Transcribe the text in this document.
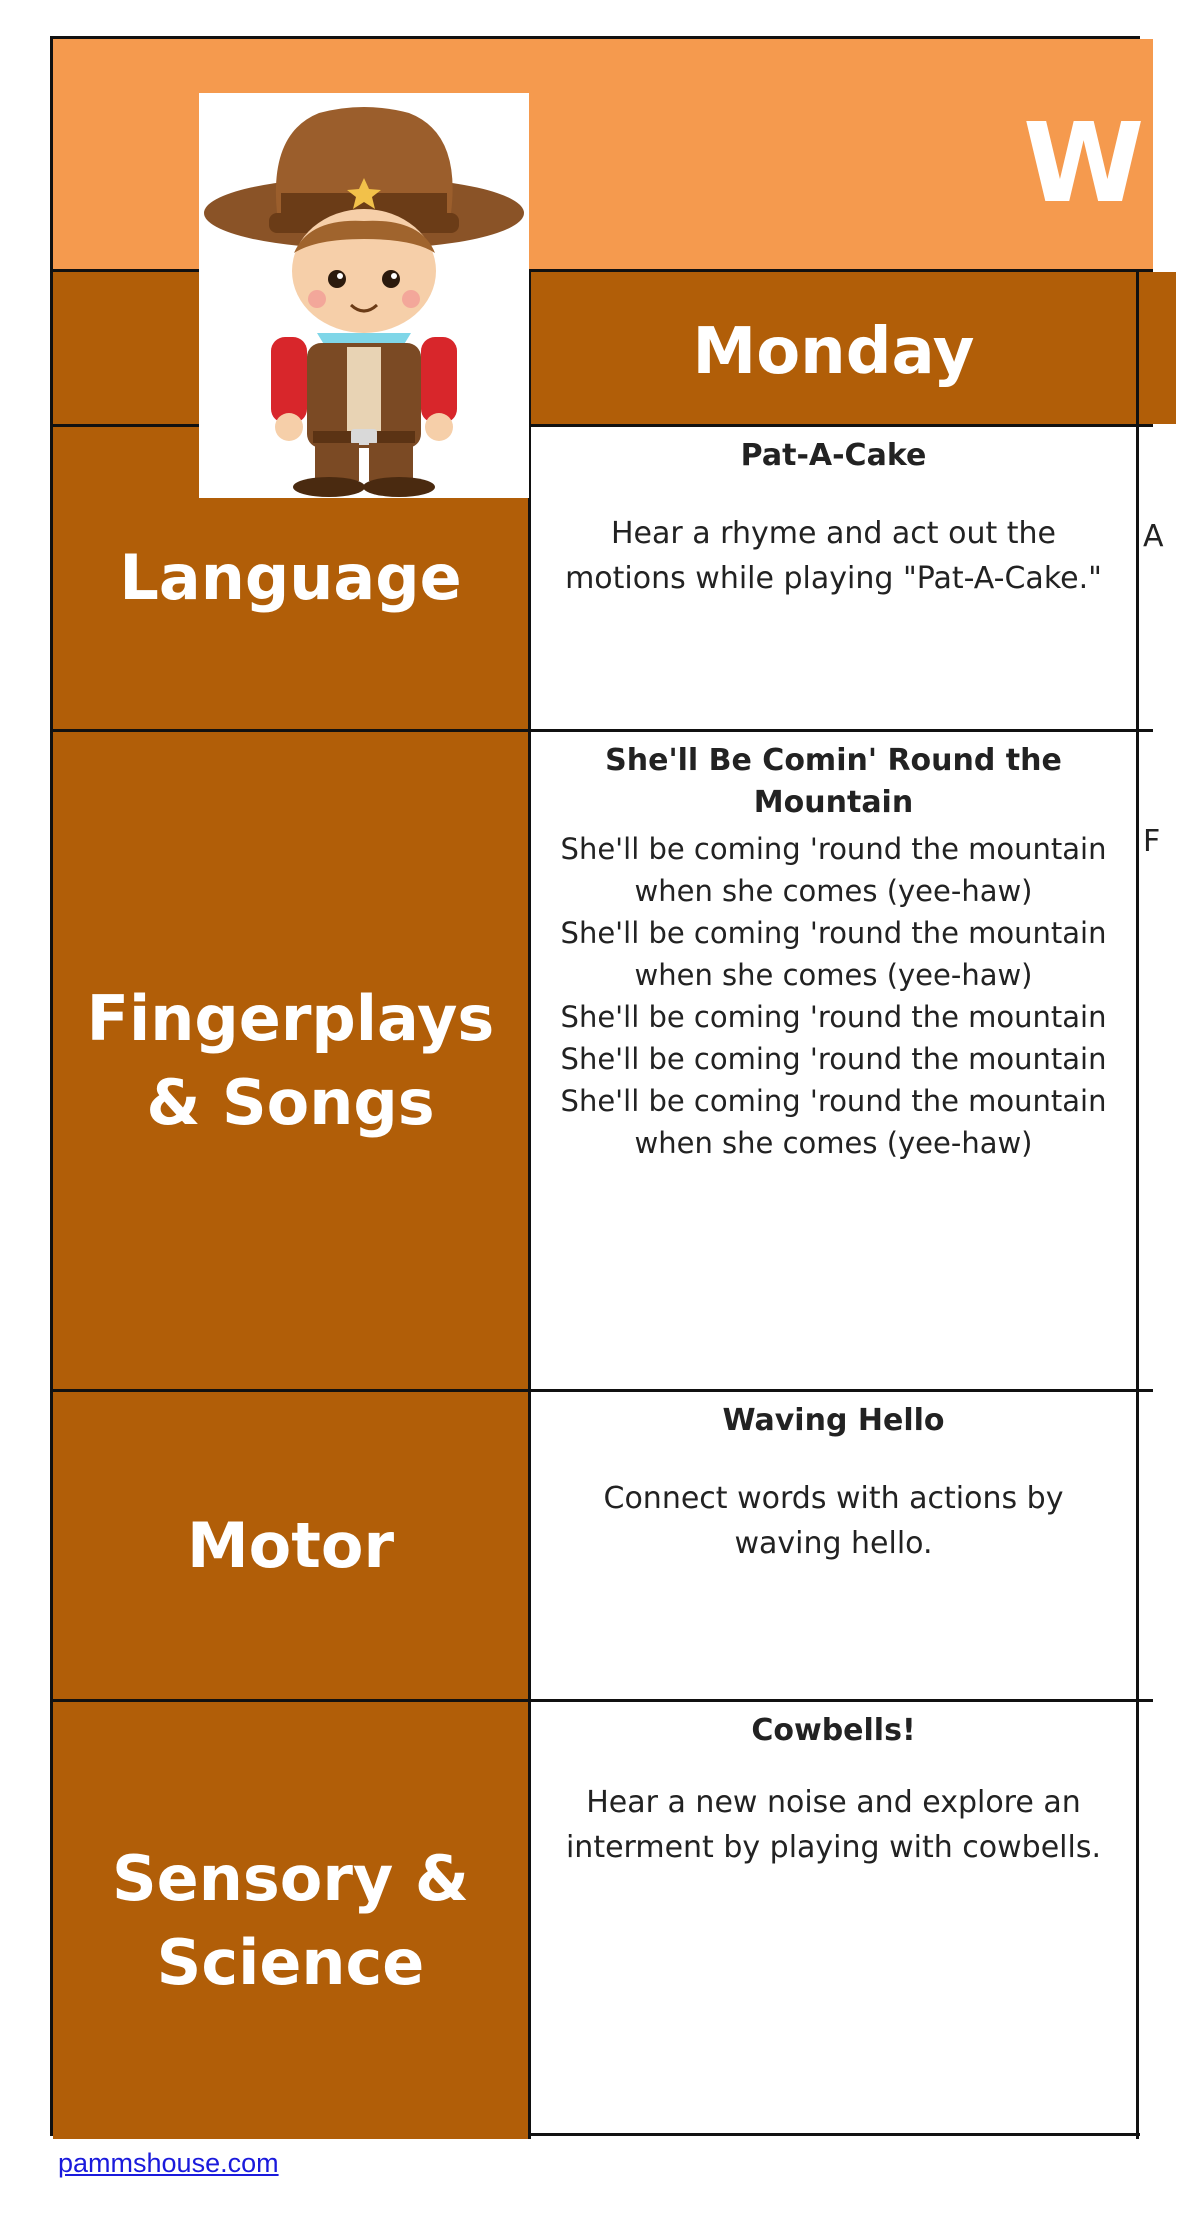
Wi
Monday
Language
Pat-A-Cake
Hear a rhyme and act out the motions while playing "Pat-A-Cake."
A
Fingerplays & Songs
She'll Be Comin' Round the Mountain
She'll be coming 'round the mountain
when she comes (yee-haw)
She'll be coming 'round the mountain
when she comes (yee-haw)
She'll be coming 'round the mountain
She'll be coming 'round the mountain
She'll be coming 'round the mountain
when she comes (yee-haw)
F
Motor
Waving Hello
Connect words with actions by waving hello.
Sensory & Science
Cowbells!
Hear a new noise and explore an interment by playing with cowbells.
pammshouse.com
